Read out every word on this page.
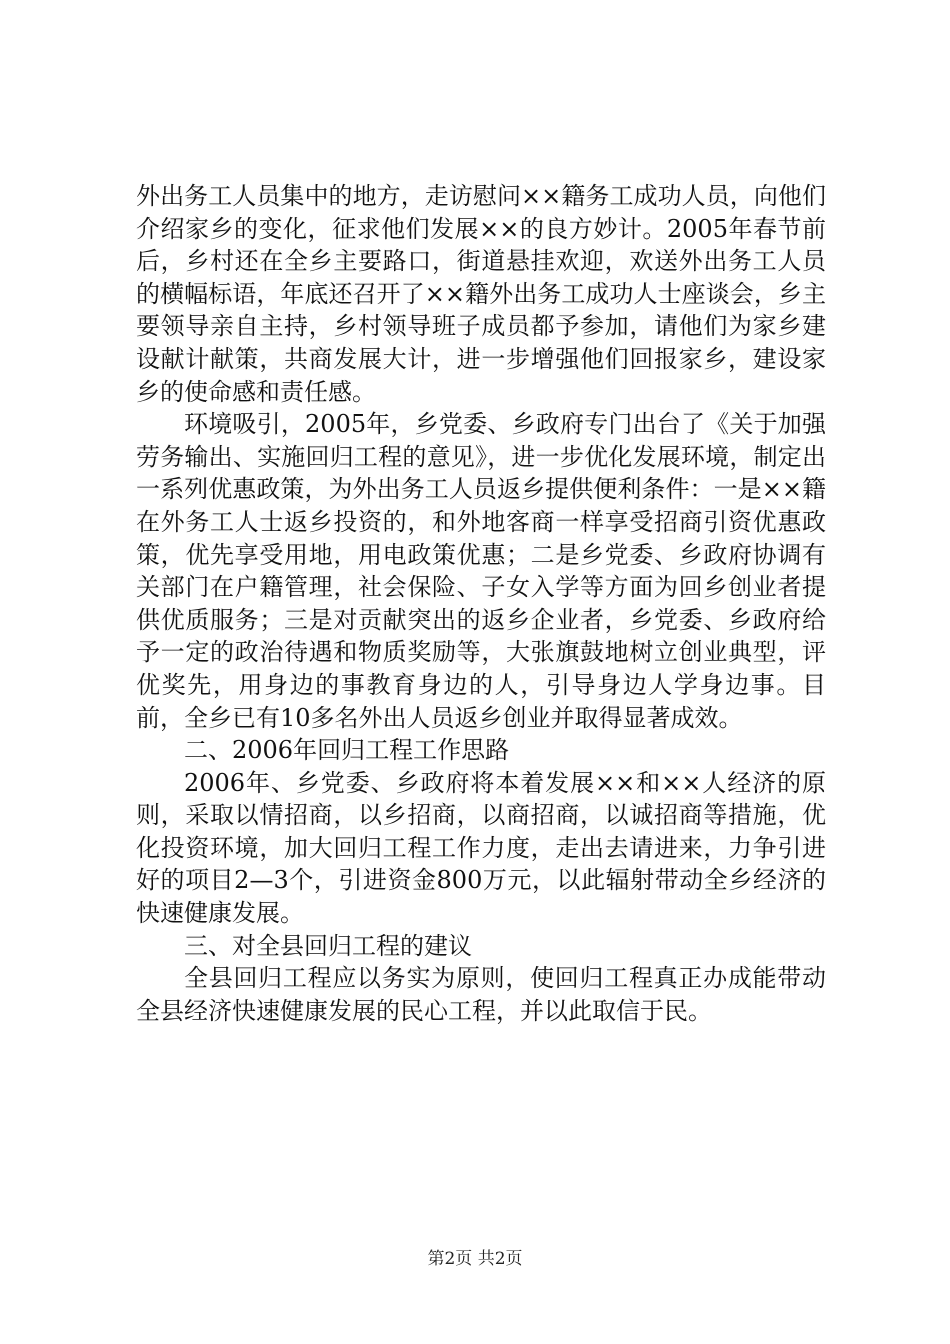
外出务工人员集中的地方，走访慰问××籍务工成功人员，向他们介绍家乡的变化，征求他们发展××的良方妙计。2005年春节前后，乡村还在全乡主要路口，街道悬挂欢迎，欢送外出务工人员的横幅标语，年底还召开了××籍外出务工成功人士座谈会，乡主要领导亲自主持，乡村领导班子成员都予参加，请他们为家乡建设献计献策，共商发展大计，进一步增强他们回报家乡，建设家乡的使命感和责任感。

环境吸引，2005年，乡党委、乡政府专门出台了《关于加强劳务输出、实施回归工程的意见》，进一步优化发展环境，制定出一系列优惠政策，为外出务工人员返乡提供便利条件：一是××籍在外务工人士返乡投资的，和外地客商一样享受招商引资优惠政策，优先享受用地，用电政策优惠；二是乡党委、乡政府协调有关部门在户籍管理，社会保险、子女入学等方面为回乡创业者提供优质服务；三是对贡献突出的返乡企业者，乡党委、乡政府给予一定的政治待遇和物质奖励等，大张旗鼓地树立创业典型，评优奖先，用身边的事教育身边的人，引导身边人学身边事。目前，全乡已有10多名外出人员返乡创业并取得显著成效。

二、2006年回归工程工作思路

2006年、乡党委、乡政府将本着发展××和××人经济的原则，采取以情招商，以乡招商，以商招商，以诚招商等措施，优化投资环境，加大回归工程工作力度，走出去请进来，力争引进好的项目2—3个，引进资金800万元，以此辐射带动全乡经济的快速健康发展。

三、对全县回归工程的建议

全县回归工程应以务实为原则，使回归工程真正办成能带动全县经济快速健康发展的民心工程，并以此取信于民。

第2页 共2页
